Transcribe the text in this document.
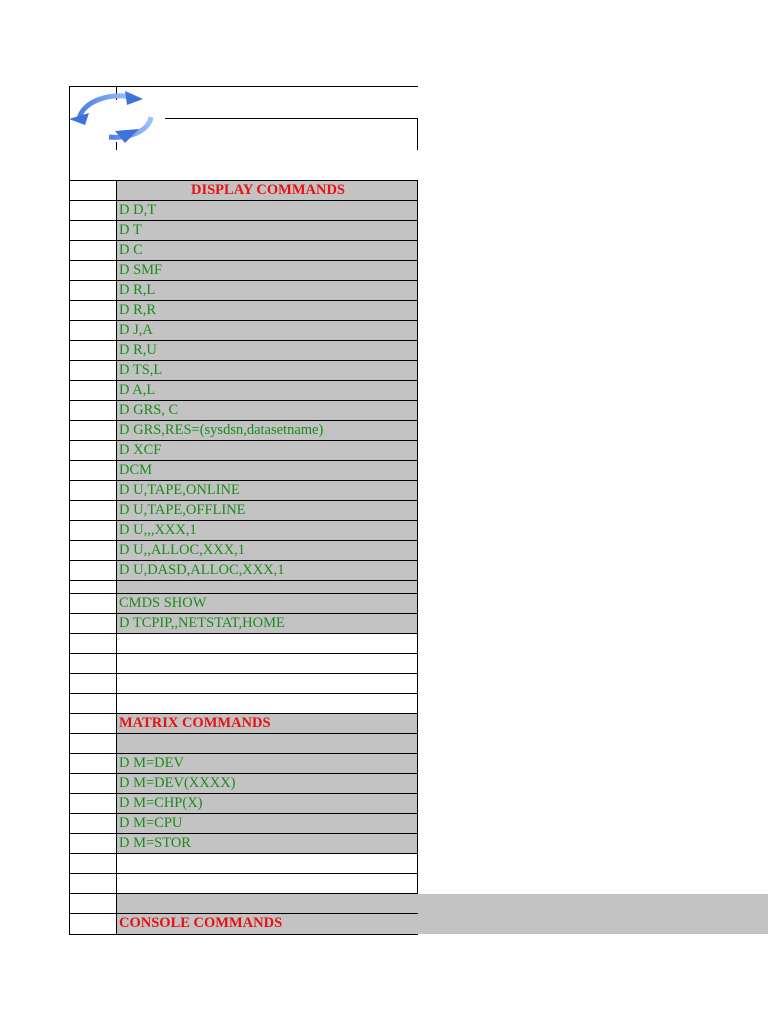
DISPLAY COMMANDS
D D,T
D T
D C
D SMF
D R,L
D R,R
D J,A
D R,U
D TS,L
D A,L
D GRS, C
D GRS,RES=(sysdsn,datasetname)
D XCF
DCM
D U,TAPE,ONLINE
D U,TAPE,OFFLINE
D U,,,XXX,1
D U,,ALLOC,XXX,1
D U,DASD,ALLOC,XXX,1
CMDS SHOW
D TCPIP,,NETSTAT,HOME
MATRIX COMMANDS
D M=DEV
D M=DEV(XXXX)
D M=CHP(X)
D M=CPU
D M=STOR
CONSOLE COMMANDS
